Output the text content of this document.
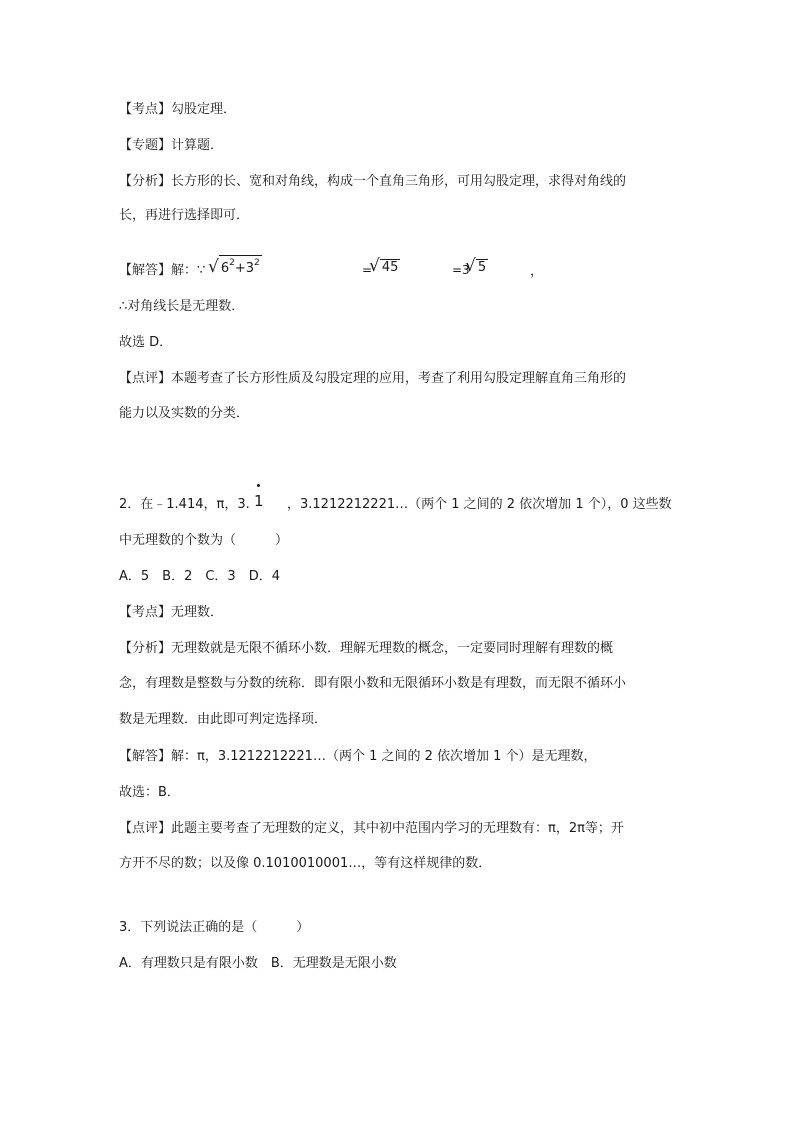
【考点】勾股定理．
【专题】计算题．
【分析】长方形的长、宽和对角线，构成一个直角三角形，可用勾股定理，求得对角线的
长，再进行选择即可．
【解答】解：∵ √ $6^2+3^2$	=
√ 45	=3
√ 5	，
∴对角线长是无理数．
故选 D．
【点评】本题考查了长方形性质及勾股定理的应用，考查了利用勾股定理解直角三角形的
能力以及实数的分类．
2．在﹣1.414，π，3. 1 ，3.1212212221…（两个 1 之间的 2 依次增加 1 个），0 这些数
中无理数的个数为（　　　）
A．5　B．2　C．3　D．4
【考点】无理数．
【分析】无理数就是无限不循环小数．理解无理数的概念，一定要同时理解有理数的概
念，有理数是整数与分数的统称．即有限小数和无限循环小数是有理数，而无限不循环小
数是无理数．由此即可判定选择项．
【解答】解：π，3.1212212221…（两个 1 之间的 2 依次增加 1 个）是无理数，
故选：B．
【点评】此题主要考查了无理数的定义，其中初中范围内学习的无理数有：π，2π等；开
方开不尽的数；以及像 0.1010010001…，等有这样规律的数．
3．下列说法正确的是（　　　）
A．有理数只是有限小数　B．无理数是无限小数
